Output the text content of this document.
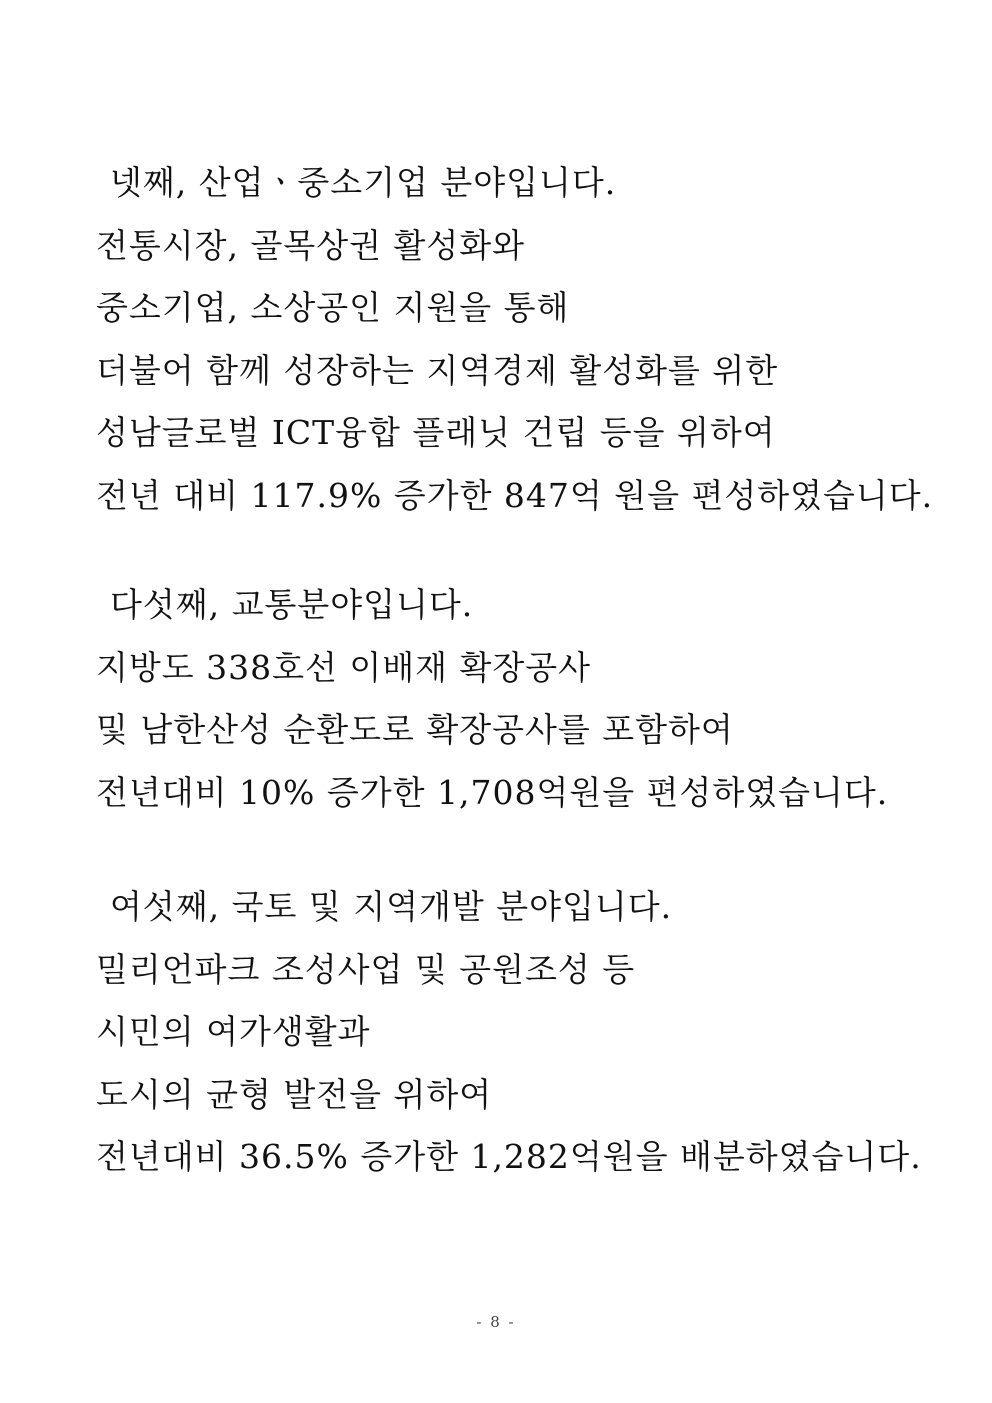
넷째, 산업ㆍ중소기업 분야입니다.
전통시장, 골목상권 활성화와
중소기업, 소상공인 지원을 통해
더불어 함께 성장하는 지역경제 활성화를 위한
성남글로벌 ICT융합 플래닛 건립 등을 위하여
전년 대비 117.9% 증가한 847억 원을 편성하였습니다.
다섯째, 교통분야입니다.
지방도 338호선 이배재 확장공사
및 남한산성 순환도로 확장공사를 포함하여
전년대비 10% 증가한 1,708억원을 편성하였습니다.
여섯째, 국토 및 지역개발 분야입니다.
밀리언파크 조성사업 및 공원조성 등
시민의 여가생활과
도시의 균형 발전을 위하여
전년대비 36.5% 증가한 1,282억원을 배분하였습니다.
- 8 -
